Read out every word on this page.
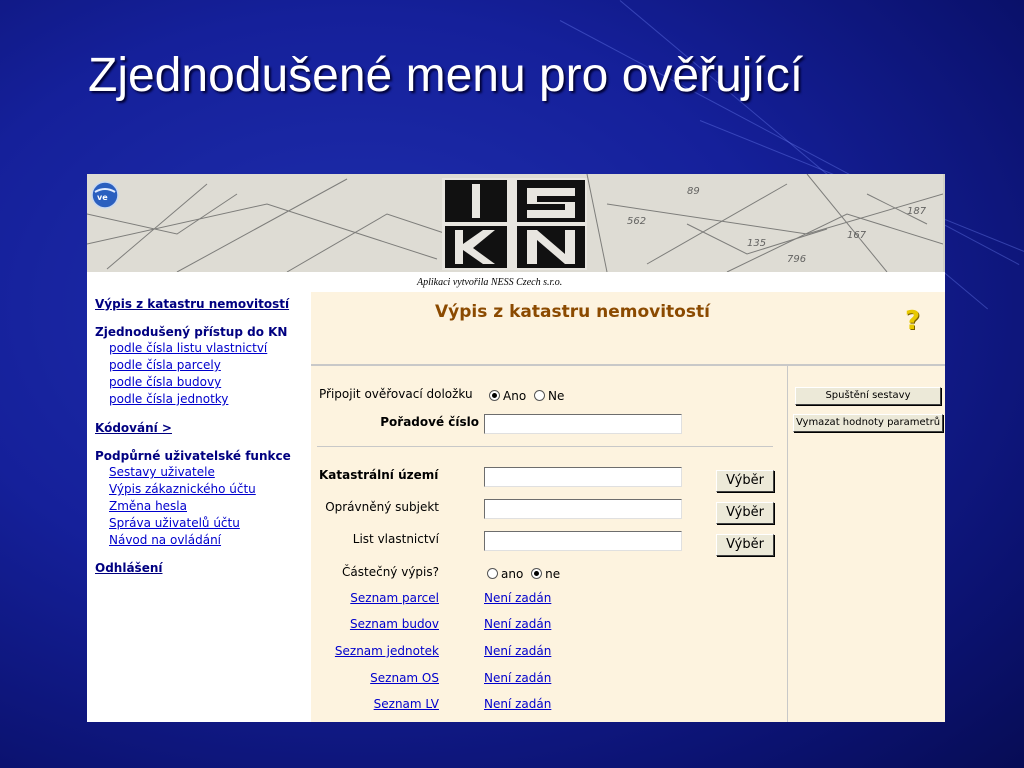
Zjednodušené menu pro ověřující
562
89
135
167
796
187
ve
Aplikaci vytvořila NESS Czech s.r.o.
Výpis z katastru nemovitostí
Zjednodušený přístup do KN
podle čísla listu vlastnictví
podle čísla parcely
podle čísla budovy
podle čísla jednotky
Kódování >
Podpůrné uživatelské funkce
Sestavy uživatele
Výpis zákaznického účtu
Změna hesla
Správa uživatelů účtu
Návod na ovládání
Odhlášení
Výpis z katastru nemovitostí	?
Připojit ověřovací doložku	Ano Ne
Pořadové číslo
Katastrální území	Výběr
Oprávněný subjekt	Výběr
List vlastnictví	Výběr
Částečný výpis?	ano ne
Seznam parcel	Není zadán
Seznam budov	Není zadán
Seznam jednotek	Není zadán
Seznam OS	Není zadán
Seznam LV	Není zadán
Spuštění sestavy
Vymazat hodnoty parametrů
